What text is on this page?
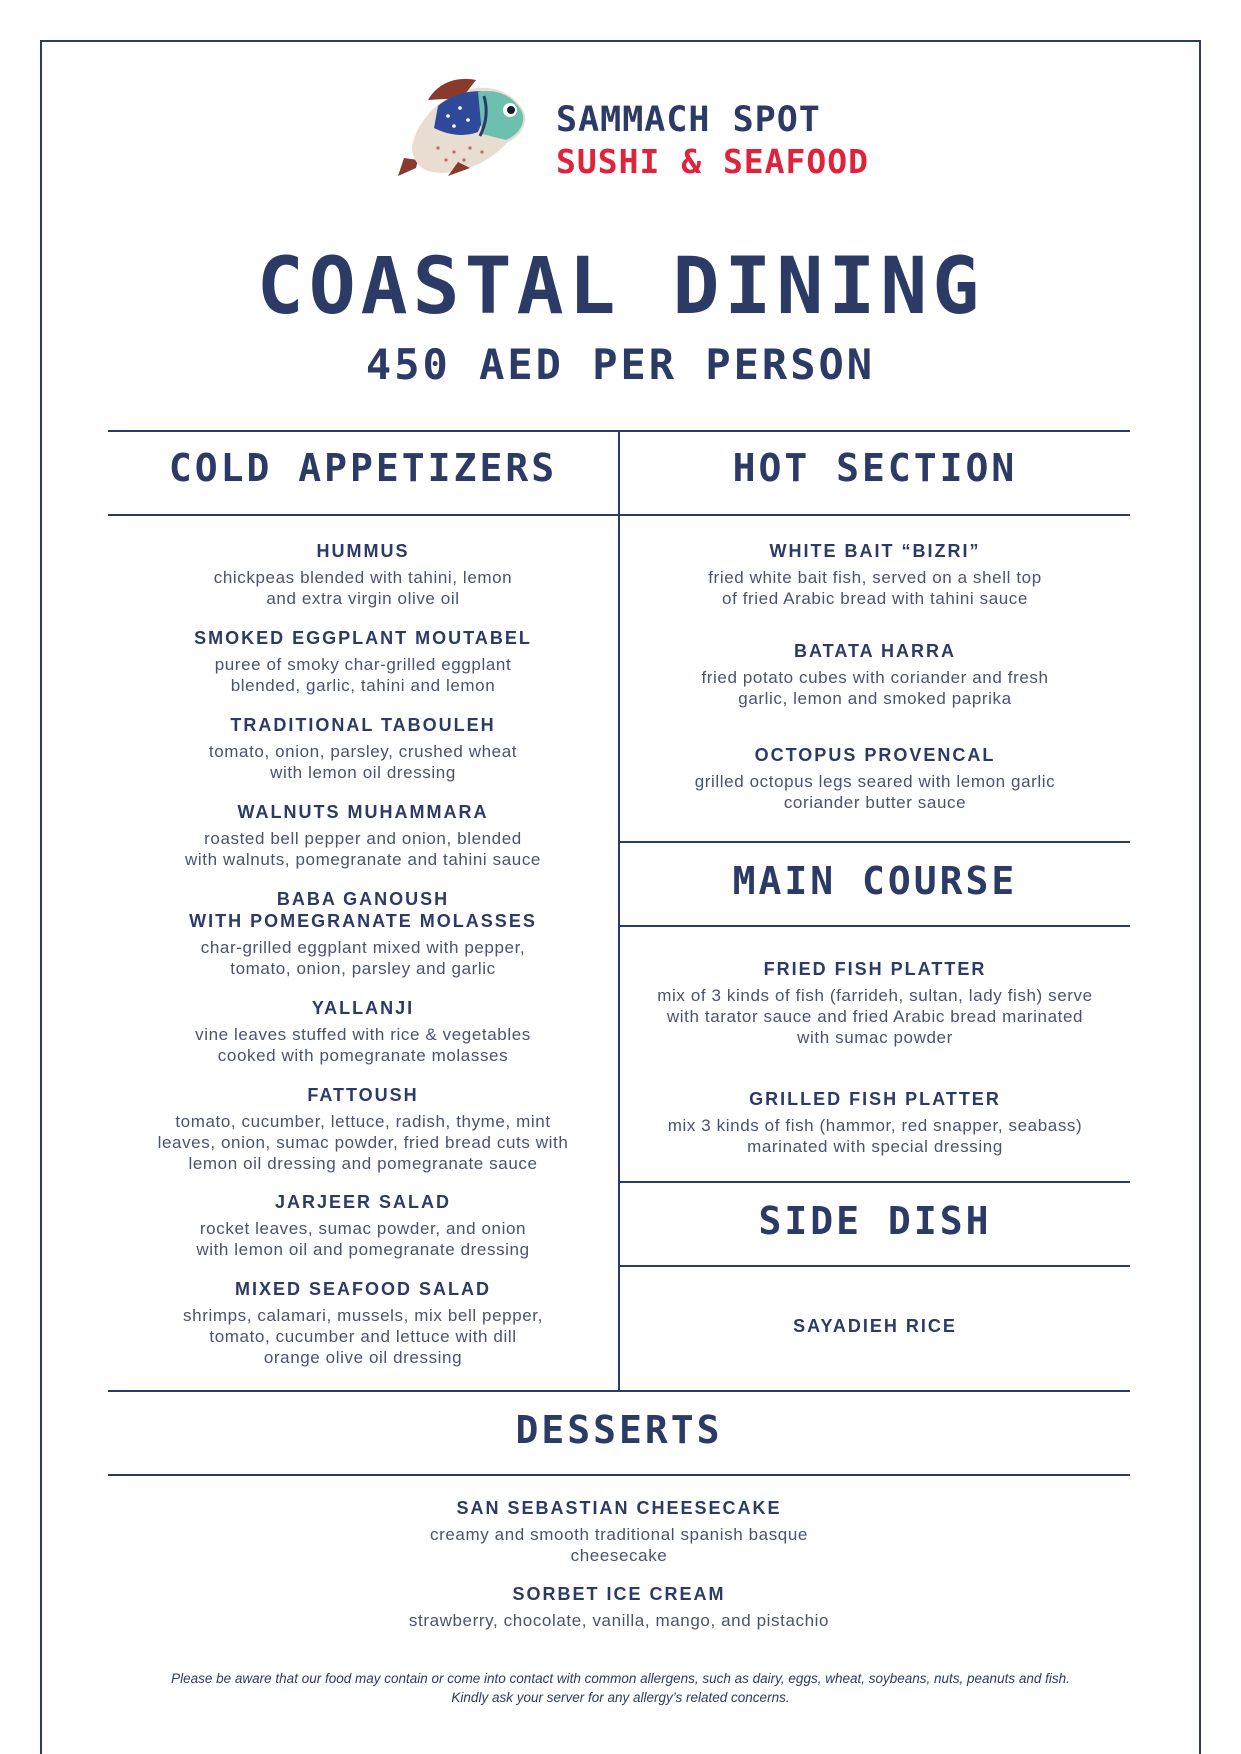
SAMMACH SPOT
SUSHI & SEAFOOD
COASTAL DINING
450 AED PER PERSON
COLD APPETIZERS	HOT SECTION
MAIN COURSE
SIDE DISH
DESSERTS
HUMMUS
chickpeas blended with tahini, lemon
and extra virgin olive oil
SMOKED EGGPLANT MOUTABEL
puree of smoky char-grilled eggplant
blended, garlic, tahini and lemon
TRADITIONAL TABOULEH
tomato, onion, parsley, crushed wheat
with lemon oil dressing
WALNUTS MUHAMMARA
roasted bell pepper and onion, blended
with walnuts, pomegranate and tahini sauce
BABA GANOUSH
WITH POMEGRANATE MOLASSES
char-grilled eggplant mixed with pepper,
tomato, onion, parsley and garlic
YALLANJI
vine leaves stuffed with rice & vegetables
cooked with pomegranate molasses
FATTOUSH
tomato, cucumber, lettuce, radish, thyme, mint
leaves, onion, sumac powder, fried bread cuts with
lemon oil dressing and pomegranate sauce
JARJEER SALAD
rocket leaves, sumac powder, and onion
with lemon oil and pomegranate dressing
MIXED SEAFOOD SALAD
shrimps, calamari, mussels, mix bell pepper,
tomato, cucumber and lettuce with dill
orange olive oil dressing
WHITE BAIT “BIZRI”
fried white bait fish, served on a shell top
of fried Arabic bread with tahini sauce
BATATA HARRA
fried potato cubes with coriander and fresh
garlic, lemon and smoked paprika
OCTOPUS PROVENCAL
grilled octopus legs seared with lemon garlic
coriander butter sauce
FRIED FISH PLATTER
mix of 3 kinds of fish (farrideh, sultan, lady fish) serve
with tarator sauce and fried Arabic bread marinated
with sumac powder
GRILLED FISH PLATTER
mix 3 kinds of fish (hammor, red snapper, seabass)
marinated with special dressing
SAYADIEH RICE
SAN SEBASTIAN CHEESECAKE
creamy and smooth traditional spanish basque
cheesecake
SORBET ICE CREAM
strawberry, chocolate, vanilla, mango, and pistachio
Please be aware that our food may contain or come into contact with common allergens, such as dairy, eggs, wheat, soybeans, nuts, peanuts and fish.
Kindly ask your server for any allergy’s related concerns.
